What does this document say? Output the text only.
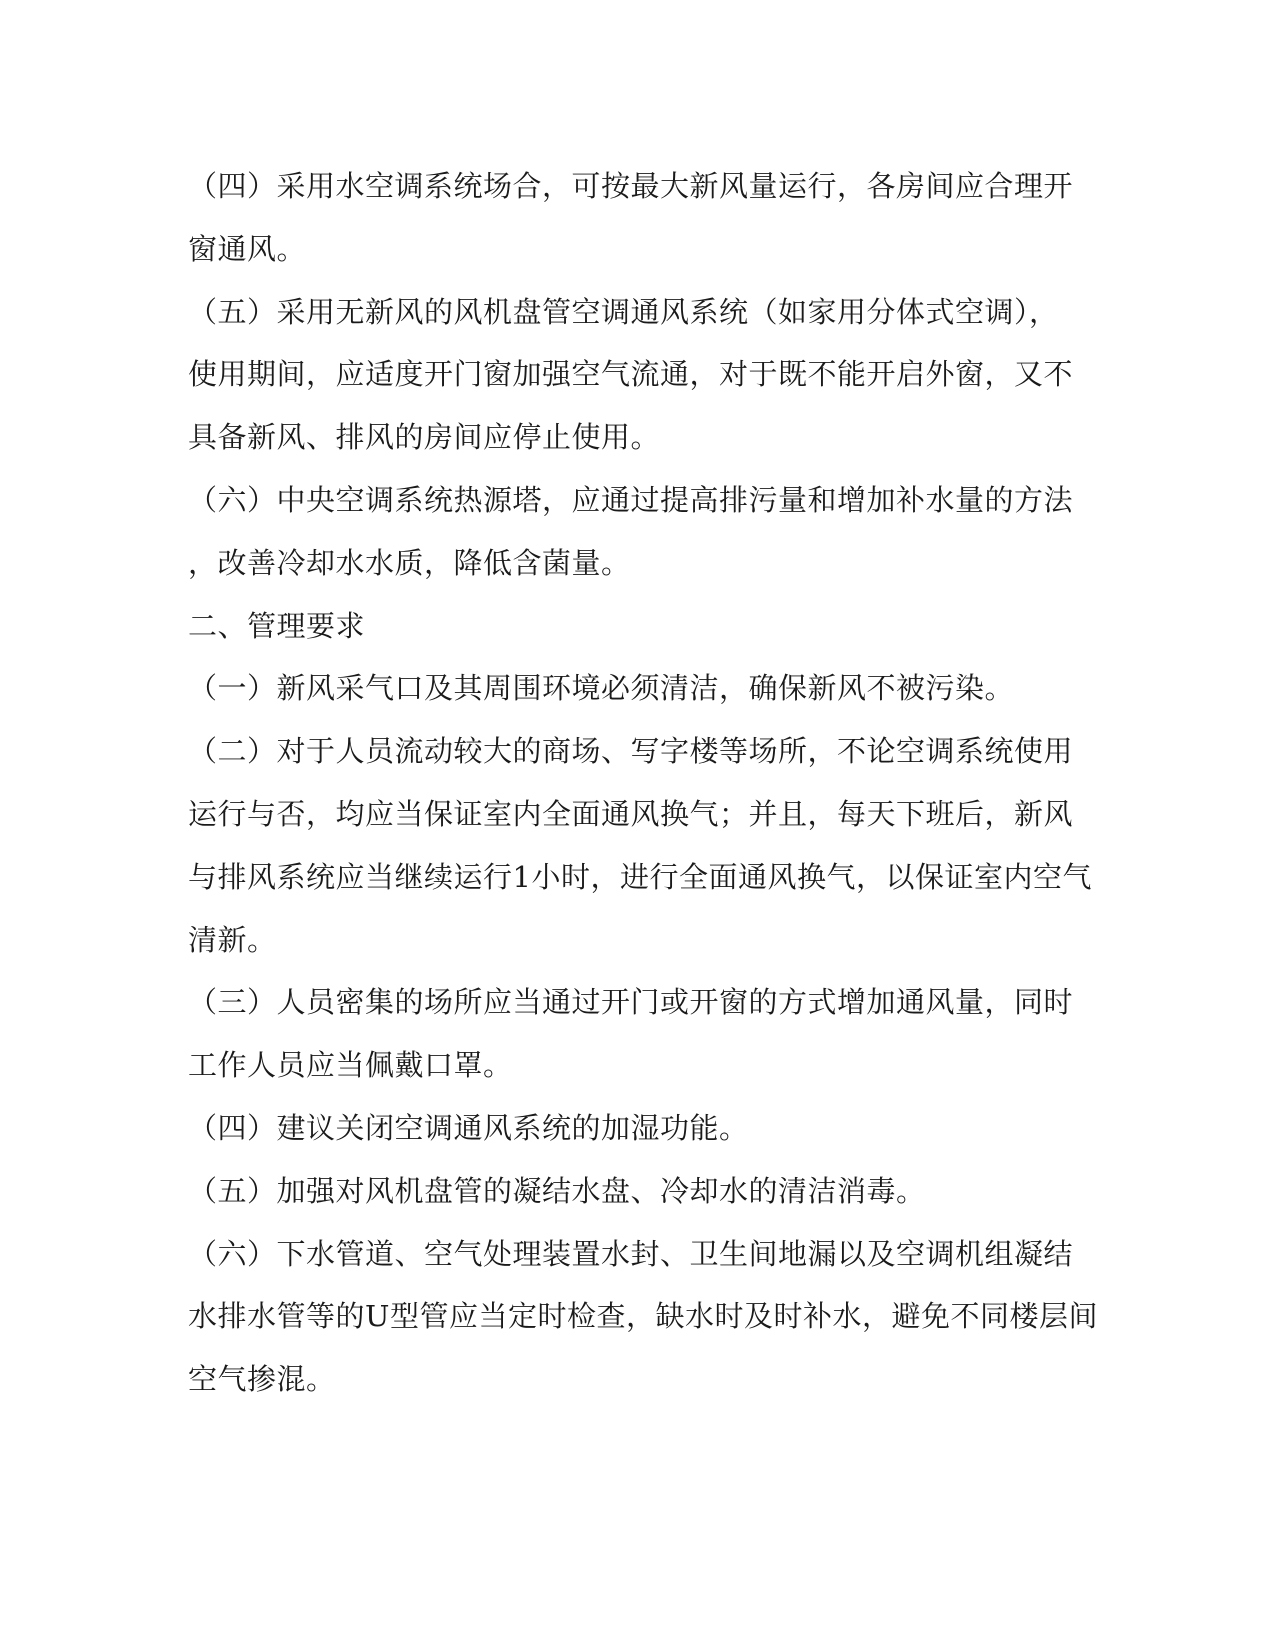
（四）采用水空调系统场合，可按最大新风量运行，各房间应合理开

窗通风。

（五）采用无新风的风机盘管空调通风系统（如家用分体式空调），

使用期间，应适度开门窗加强空气流通，对于既不能开启外窗，又不

具备新风、排风的房间应停止使用。

（六）中央空调系统热源塔，应通过提高排污量和增加补水量的方法

，改善冷却水水质，降低含菌量。

二、管理要求

（一）新风采气口及其周围环境必须清洁，确保新风不被污染。

（二）对于人员流动较大的商场、写字楼等场所，不论空调系统使用

运行与否，均应当保证室内全面通风换气；并且，每天下班后，新风

与排风系统应当继续运行1小时，进行全面通风换气，以保证室内空气

清新。

（三）人员密集的场所应当通过开门或开窗的方式增加通风量，同时

工作人员应当佩戴口罩。

（四）建议关闭空调通风系统的加湿功能。

（五）加强对风机盘管的凝结水盘、冷却水的清洁消毒。

（六）下水管道、空气处理装置水封、卫生间地漏以及空调机组凝结

水排水管等的U型管应当定时检查，缺水时及时补水，避免不同楼层间

空气掺混。
